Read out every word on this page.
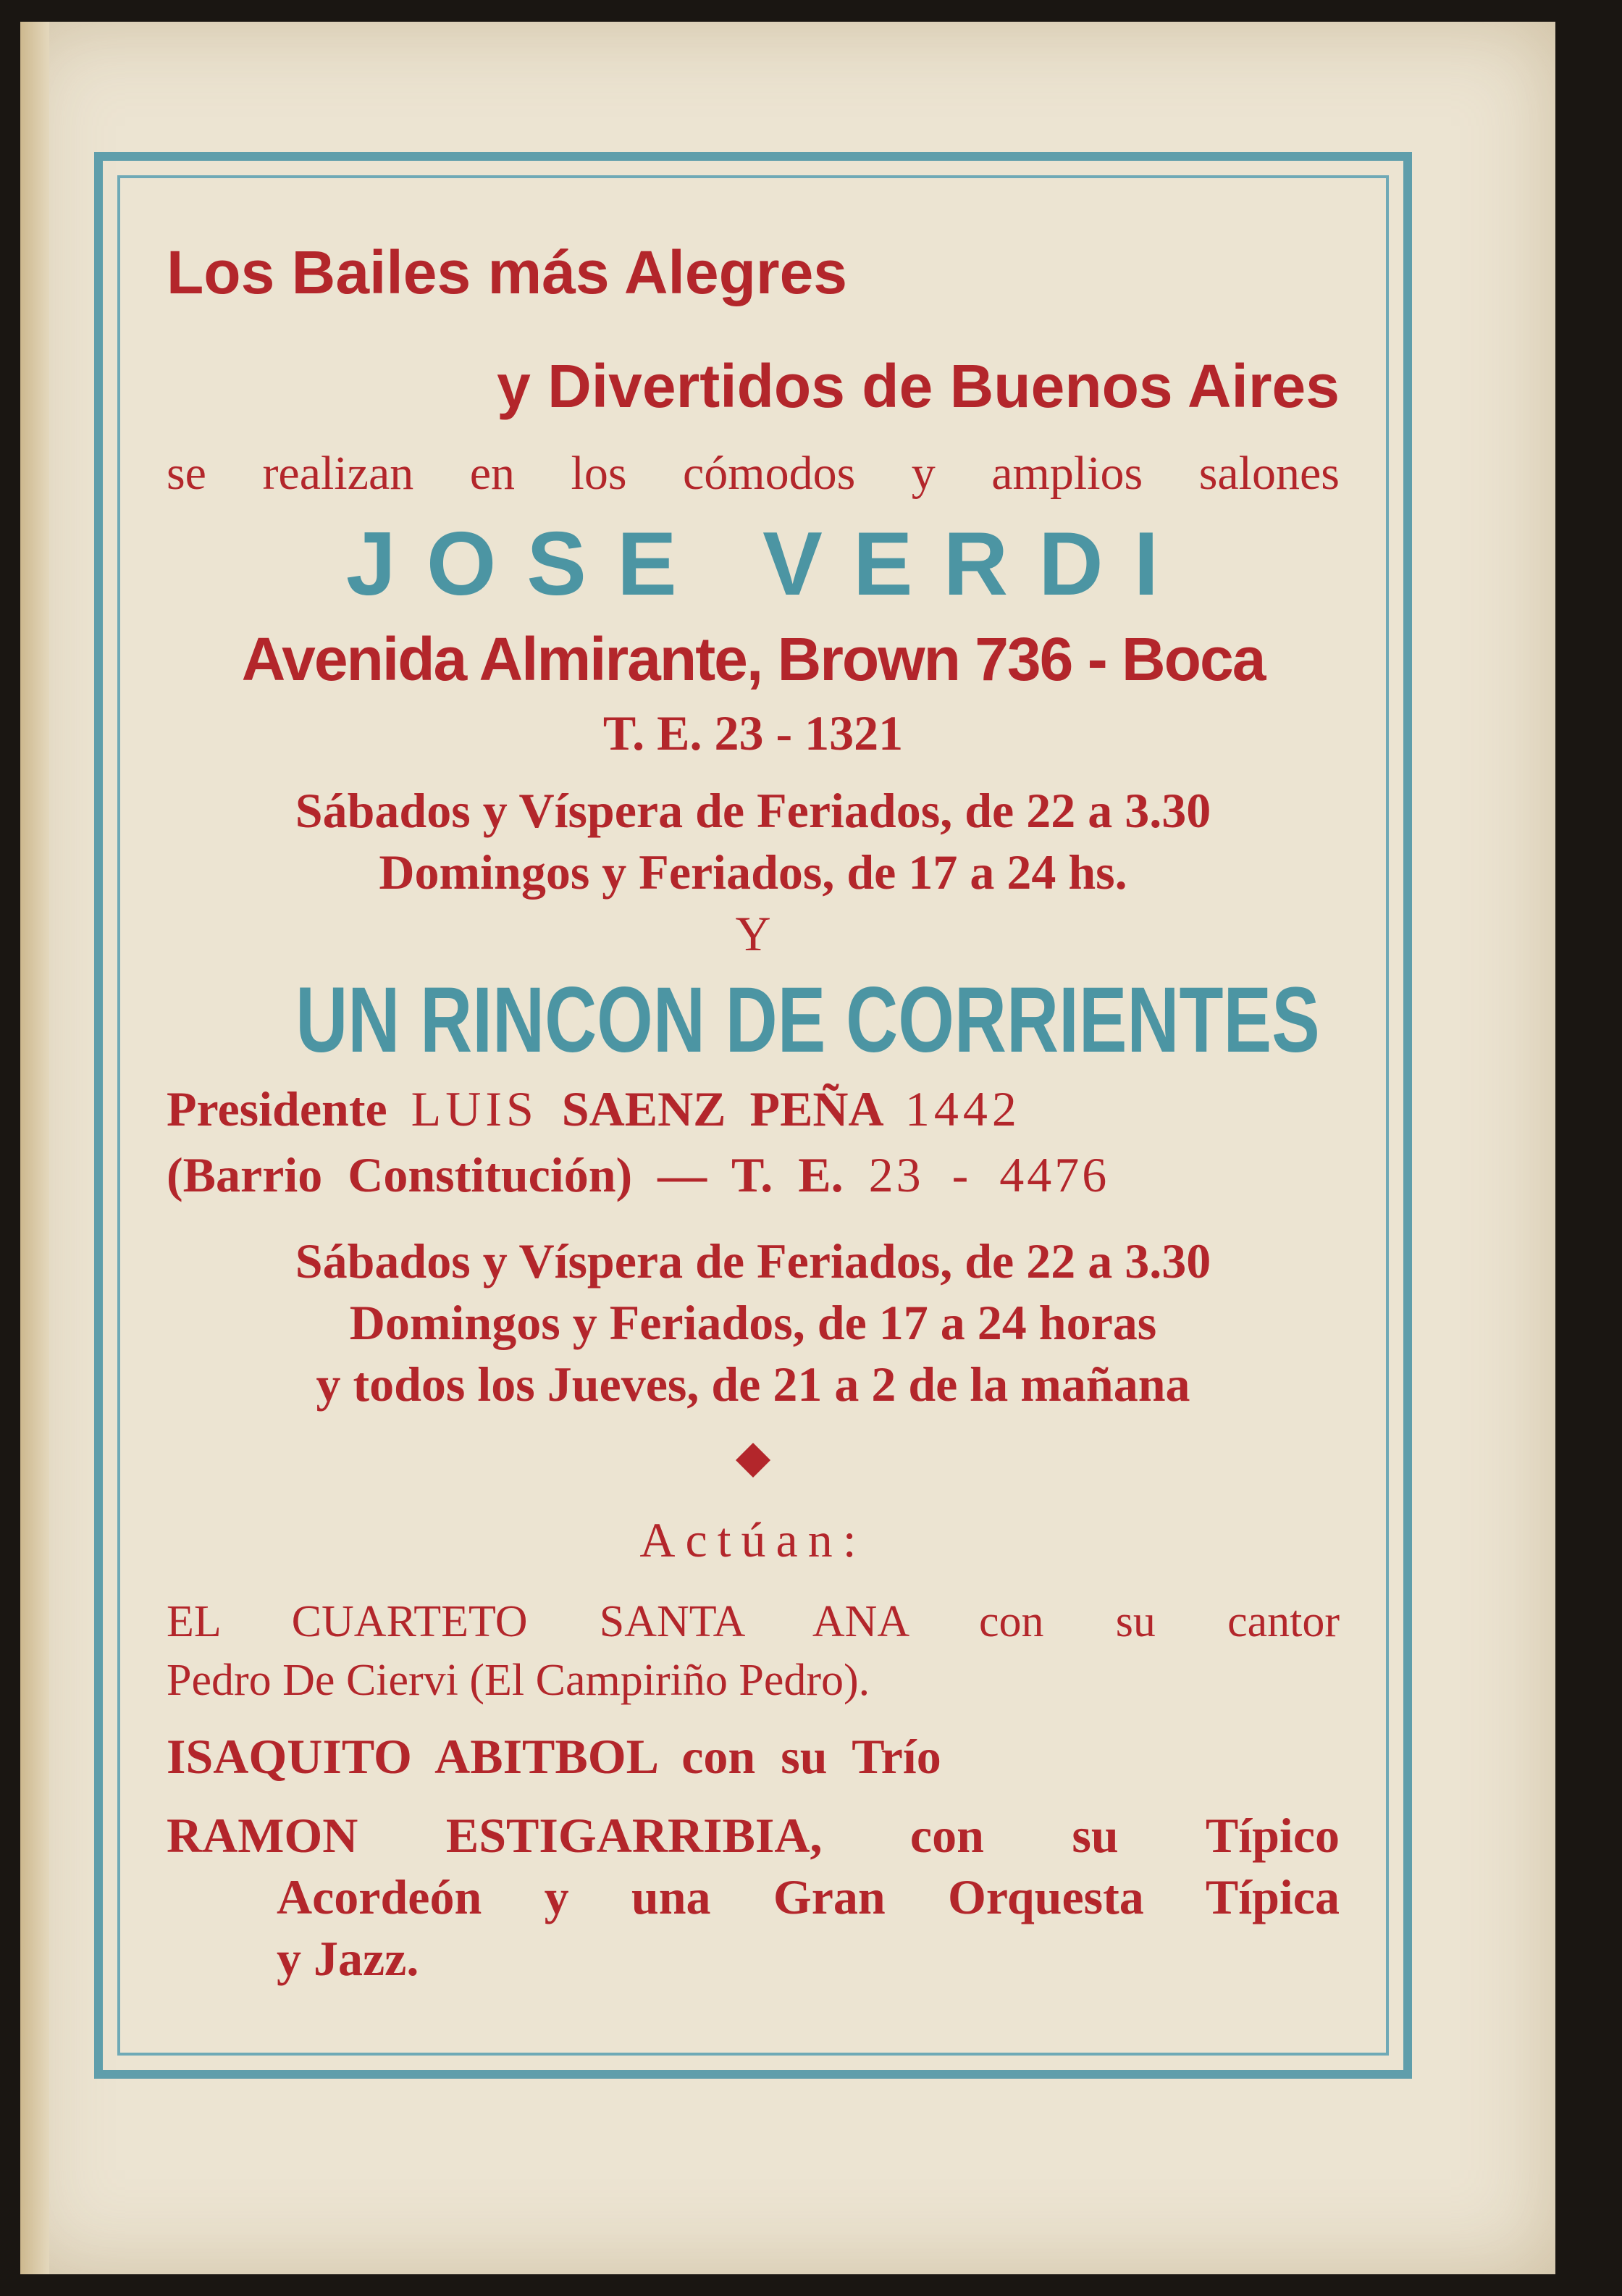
Los Bailes más Alegres
y Divertidos de Buenos Aires
se realizan en los cómodos y amplios salones
JOSE VERDI
Avenida Almirante, Brown 736 - Boca
T. E. 23 - 1321
Sábados y Víspera de Feriados, de 22 a 3.30
Domingos y Feriados, de 17 a 24 hs.
Y
UN RINCON DE CORRIENTES
Presidente LUIS SAENZ PEÑA 1442
(Barrio Constitución) — T. E. 23 - 4476
Sábados y Víspera de Feriados, de 22 a 3.30
Domingos y Feriados, de 17 a 24 horas
y todos los Jueves, de 21 a 2 de la mañana
Actúan:
EL CUARTETO SANTA ANA con su cantor
Pedro De Ciervi (El Campiriño Pedro).
ISAQUITO ABITBOL con su Trío
RAMON ESTIGARRIBIA, con su Típico
Acordeón y una Gran Orquesta Típica
y Jazz.
